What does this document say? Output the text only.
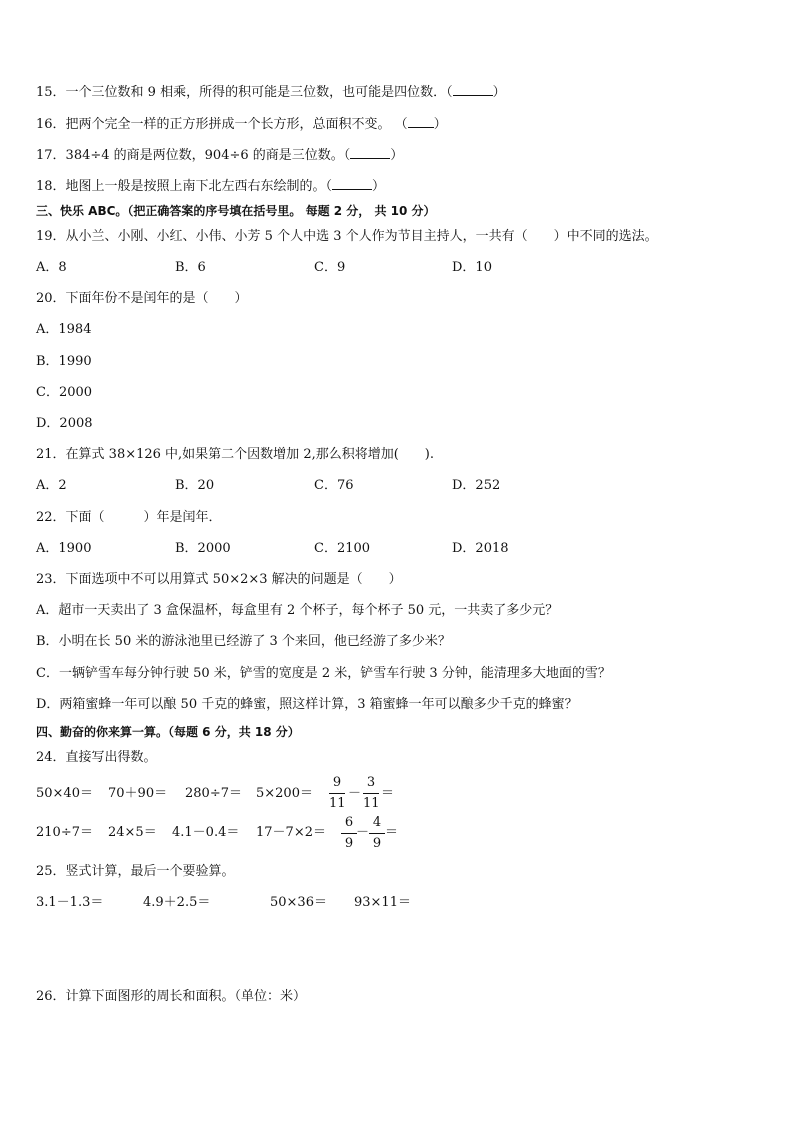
15．一个三位数和 9 相乘，所得的积可能是三位数，也可能是四位数．（	）
16．把两个完全一样的正方形拼成一个长方形，总面积不变。 （ ）
17．384÷4 的商是两位数，904÷6 的商是三位数。（	）
18．地图上一般是按照上南下北左西右东绘制的。（	）
三、快乐 ABC。（把正确答案的序号填在括号里。 每题 2 分， 共 10 分）
19．从小兰、小刚、小红、小伟、小芳 5 个人中选 3 个人作为节目主持人，一共有（　　）中不同的选法。
A．8	B．6	C．9	D．10
20．下面年份不是闰年的是（　　）
A．1984
B．1990
C．2000
D．2008
21．在算式 38×126 中,如果第二个因数增加 2,那么积将增加(　　).
A．2	B．20	C．76	D．252
22．下面（　　　）年是闰年．
A．1900	B．2000	C．2100	D．2018
23．下面选项中不可以用算式 50×2×3 解决的问题是（　　）
A．超市一天卖出了 3 盒保温杯，每盒里有 2 个杯子，每个杯子 50 元，一共卖了多少元？
B．小明在长 50 米的游泳池里已经游了 3 个来回，他已经游了多少米？
C．一辆铲雪车每分钟行驶 50 米，铲雪的宽度是 2 米，铲雪车行驶 3 分钟，能清理多大地面的雪？
D．两箱蜜蜂一年可以酿 50 千克的蜂蜜，照这样计算，3 箱蜜蜂一年可以酿多少千克的蜂蜜？
四、勤奋的你来算一算。（每题 6 分，共 18 分）
24．直接写出得数。
50×40＝ 70＋90＝ 280÷7＝ 5×200＝
9
11
－
3
11
＝
210÷7＝ 24×5＝ 4.1－0.4＝ 17－7×2＝
6
9
－
4
9
＝
25．竖式计算，最后一个要验算。
3.1－1.3＝	4.9＋2.5＝	50×36＝ 93×11＝
26．计算下面图形的周长和面积。（单位：米）
